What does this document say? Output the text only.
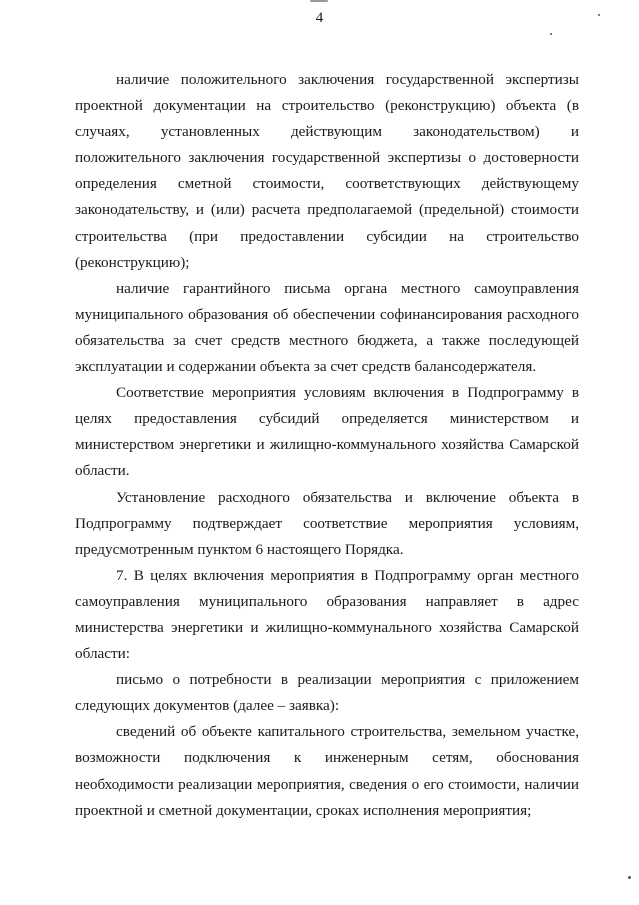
4

наличие положительного заключения государственной экспертизы проектной документации на строительство (реконструкцию) объекта (в случаях, установленных действующим законодательством) и положительного заключения государственной экспертизы о достоверности определения сметной стоимости, соответствующих действующему законодательству, и (или) расчета предполагаемой (предельной) стоимости строительства (при предоставлении субсидии на строительство (реконструкцию);

наличие гарантийного письма органа местного самоуправления муниципального образования об обеспечении софинансирования расходного обязательства за счет средств местного бюджета, а также последующей эксплуатации и содержании объекта за счет средств балансодержателя.

Соответствие мероприятия условиям включения в Подпрограмму в целях предоставления субсидий определяется министерством и министерством энергетики и жилищно-коммунального хозяйства Самарской области.

Установление расходного обязательства и включение объекта в Подпрограмму подтверждает соответствие мероприятия условиям, предусмотренным пунктом 6 настоящего Порядка.

7. В целях включения мероприятия в Подпрограмму орган местного самоуправления муниципального образования направляет в адрес министерства энергетики и жилищно-коммунального хозяйства Самарской области:

письмо о потребности в реализации мероприятия с приложением следующих документов (далее – заявка):

сведений об объекте капитального строительства, земельном участке, возможности подключения к инженерным сетям, обоснования необходимости реализации мероприятия, сведения о его стоимости, наличии проектной и сметной документации, сроках исполнения мероприятия;
